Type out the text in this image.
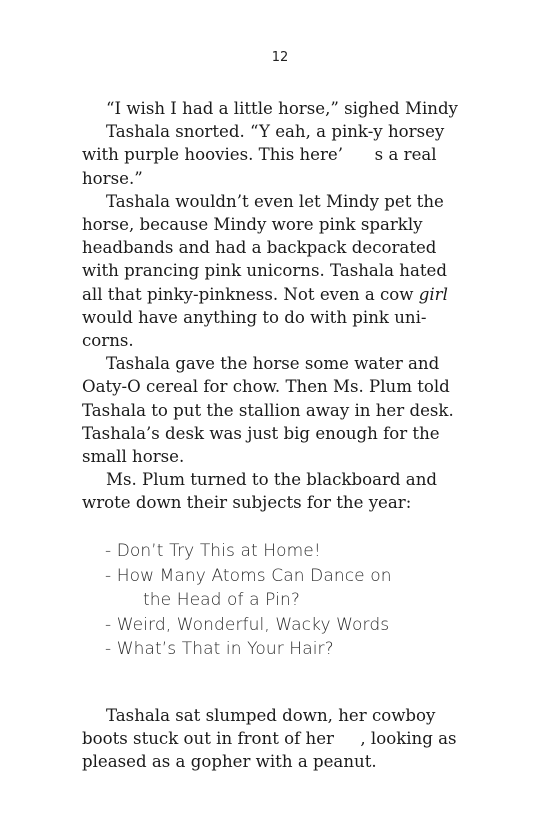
12
“I wish I had a little horse,” sighed Mindy
Tashala snorted. “Y eah, a pink-y horsey
with purple hoovies. This here’      s a real
horse.”
Tashala wouldn’t even let Mindy pet the
horse, because Mindy wore pink sparkly
headbands and had a backpack decorated
with prancing pink unicorns. Tashala hated
all that pinky-pinkness. Not even a cow girl
would have anything to do with pink uni-
corns.
Tashala gave the horse some water and
Oaty-O cereal for chow. Then Ms. Plum told
Tashala to put the stallion away in her desk.
Tashala’s desk was just big enough for the
small horse.
Ms. Plum turned to the blackboard and
wrote down their subjects for the year:
- Don’t Try This at Home!
- How Many Atoms Can Dance on
the Head of a Pin?
- Weird, Wonderful, Wacky Words
- What’s That in Your Hair?
Tashala sat slumped down, her cowboy
boots stuck out in front of her     , looking as
pleased as a gopher with a peanut.
